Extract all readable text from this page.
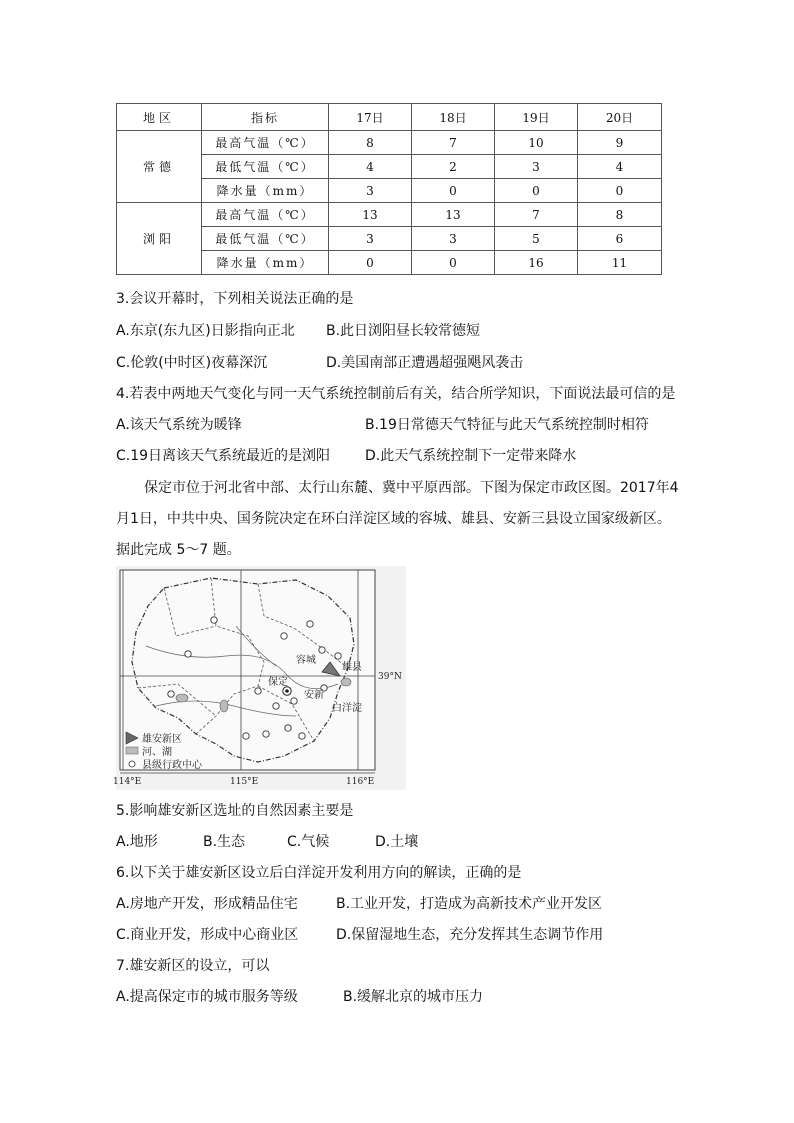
地区	指标	17日	18日	19日	20日
常德	最高气温（℃）	8	7	10	9
	最低气温（℃）	4	2	3	4
	降水量（mm）	3	0	0	0
浏阳	最高气温（℃）	13	13	7	8
	最低气温（℃）	3	3	5	6
	降水量（mm）	0	0	16	11
3.会议开幕时，下列相关说法正确的是
A.东京(东九区)日影指向正北 B.此日浏阳昼长较常德短
C.伦敦(中时区)夜幕深沉	D.美国南部正遭遇超强飓风袭击
4.若表中两地天气变化与同一天气系统控制前后有关，结合所学知识，下面说法最可信的是
A.该天气系统为暖锋	B.19日常德天气特征与此天气系统控制时相符
C.19日离该天气系统最近的是浏阳 D.此天气系统控制下一定带来降水
保定市位于河北省中部、太行山东麓、冀中平原西部。下图为保定市政区图。2017年4
月1日，中共中央、国务院决定在环白洋淀区域的容城、雄县、安新三县设立国家级新区。
据此完成 5～7 题。
容城
雄县
保定
安新
白洋淀
39°N
114°E	115°E	116°E
雄安新区
河、湖
县级行政中心
5.影响雄安新区选址的自然因素主要是
A.地形	B.生态	C.气候	D.土壤
6.以下关于雄安新区设立后白洋淀开发利用方向的解读，正确的是
A.房地产开发，形成精品住宅	B.工业开发，打造成为高新技术产业开发区
C.商业开发，形成中心商业区	D.保留湿地生态，充分发挥其生态调节作用
7.雄安新区的设立，可以
A.提高保定市的城市服务等级	B.缓解北京的城市压力
